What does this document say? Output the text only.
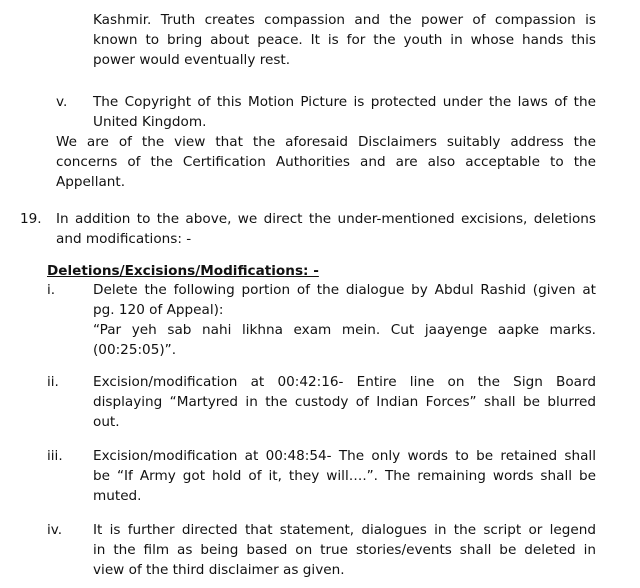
Kashmir. Truth creates compassion and the power of compassion is
known to bring about peace. It is for the youth in whose hands this
power would eventually rest.
v. The Copyright of this Motion Picture is protected under the laws of the
United Kingdom.
We are of the view that the aforesaid Disclaimers suitably address the
concerns of the Certification Authorities and are also acceptable to the
Appellant.
19. In addition to the above, we direct the under-mentioned excisions, deletions
and modifications: -
Deletions/Excisions/Modifications: -
i.	Delete the following portion of the dialogue by Abdul Rashid (given at
pg. 120 of Appeal):
“Par yeh sab nahi likhna exam mein. Cut jaayenge aapke marks.
(00:25:05)”.
ii.	Excision/modification at 00:42:16- Entire line on the Sign Board
displaying “Martyred in the custody of Indian Forces” shall be blurred
out.
iii. Excision/modification at 00:48:54- The only words to be retained shall
be “If Army got hold of it, they will….”. The remaining words shall be
muted.
iv. It is further directed that statement, dialogues in the script or legend
in the film as being based on true stories/events shall be deleted in
view of the third disclaimer as given.
